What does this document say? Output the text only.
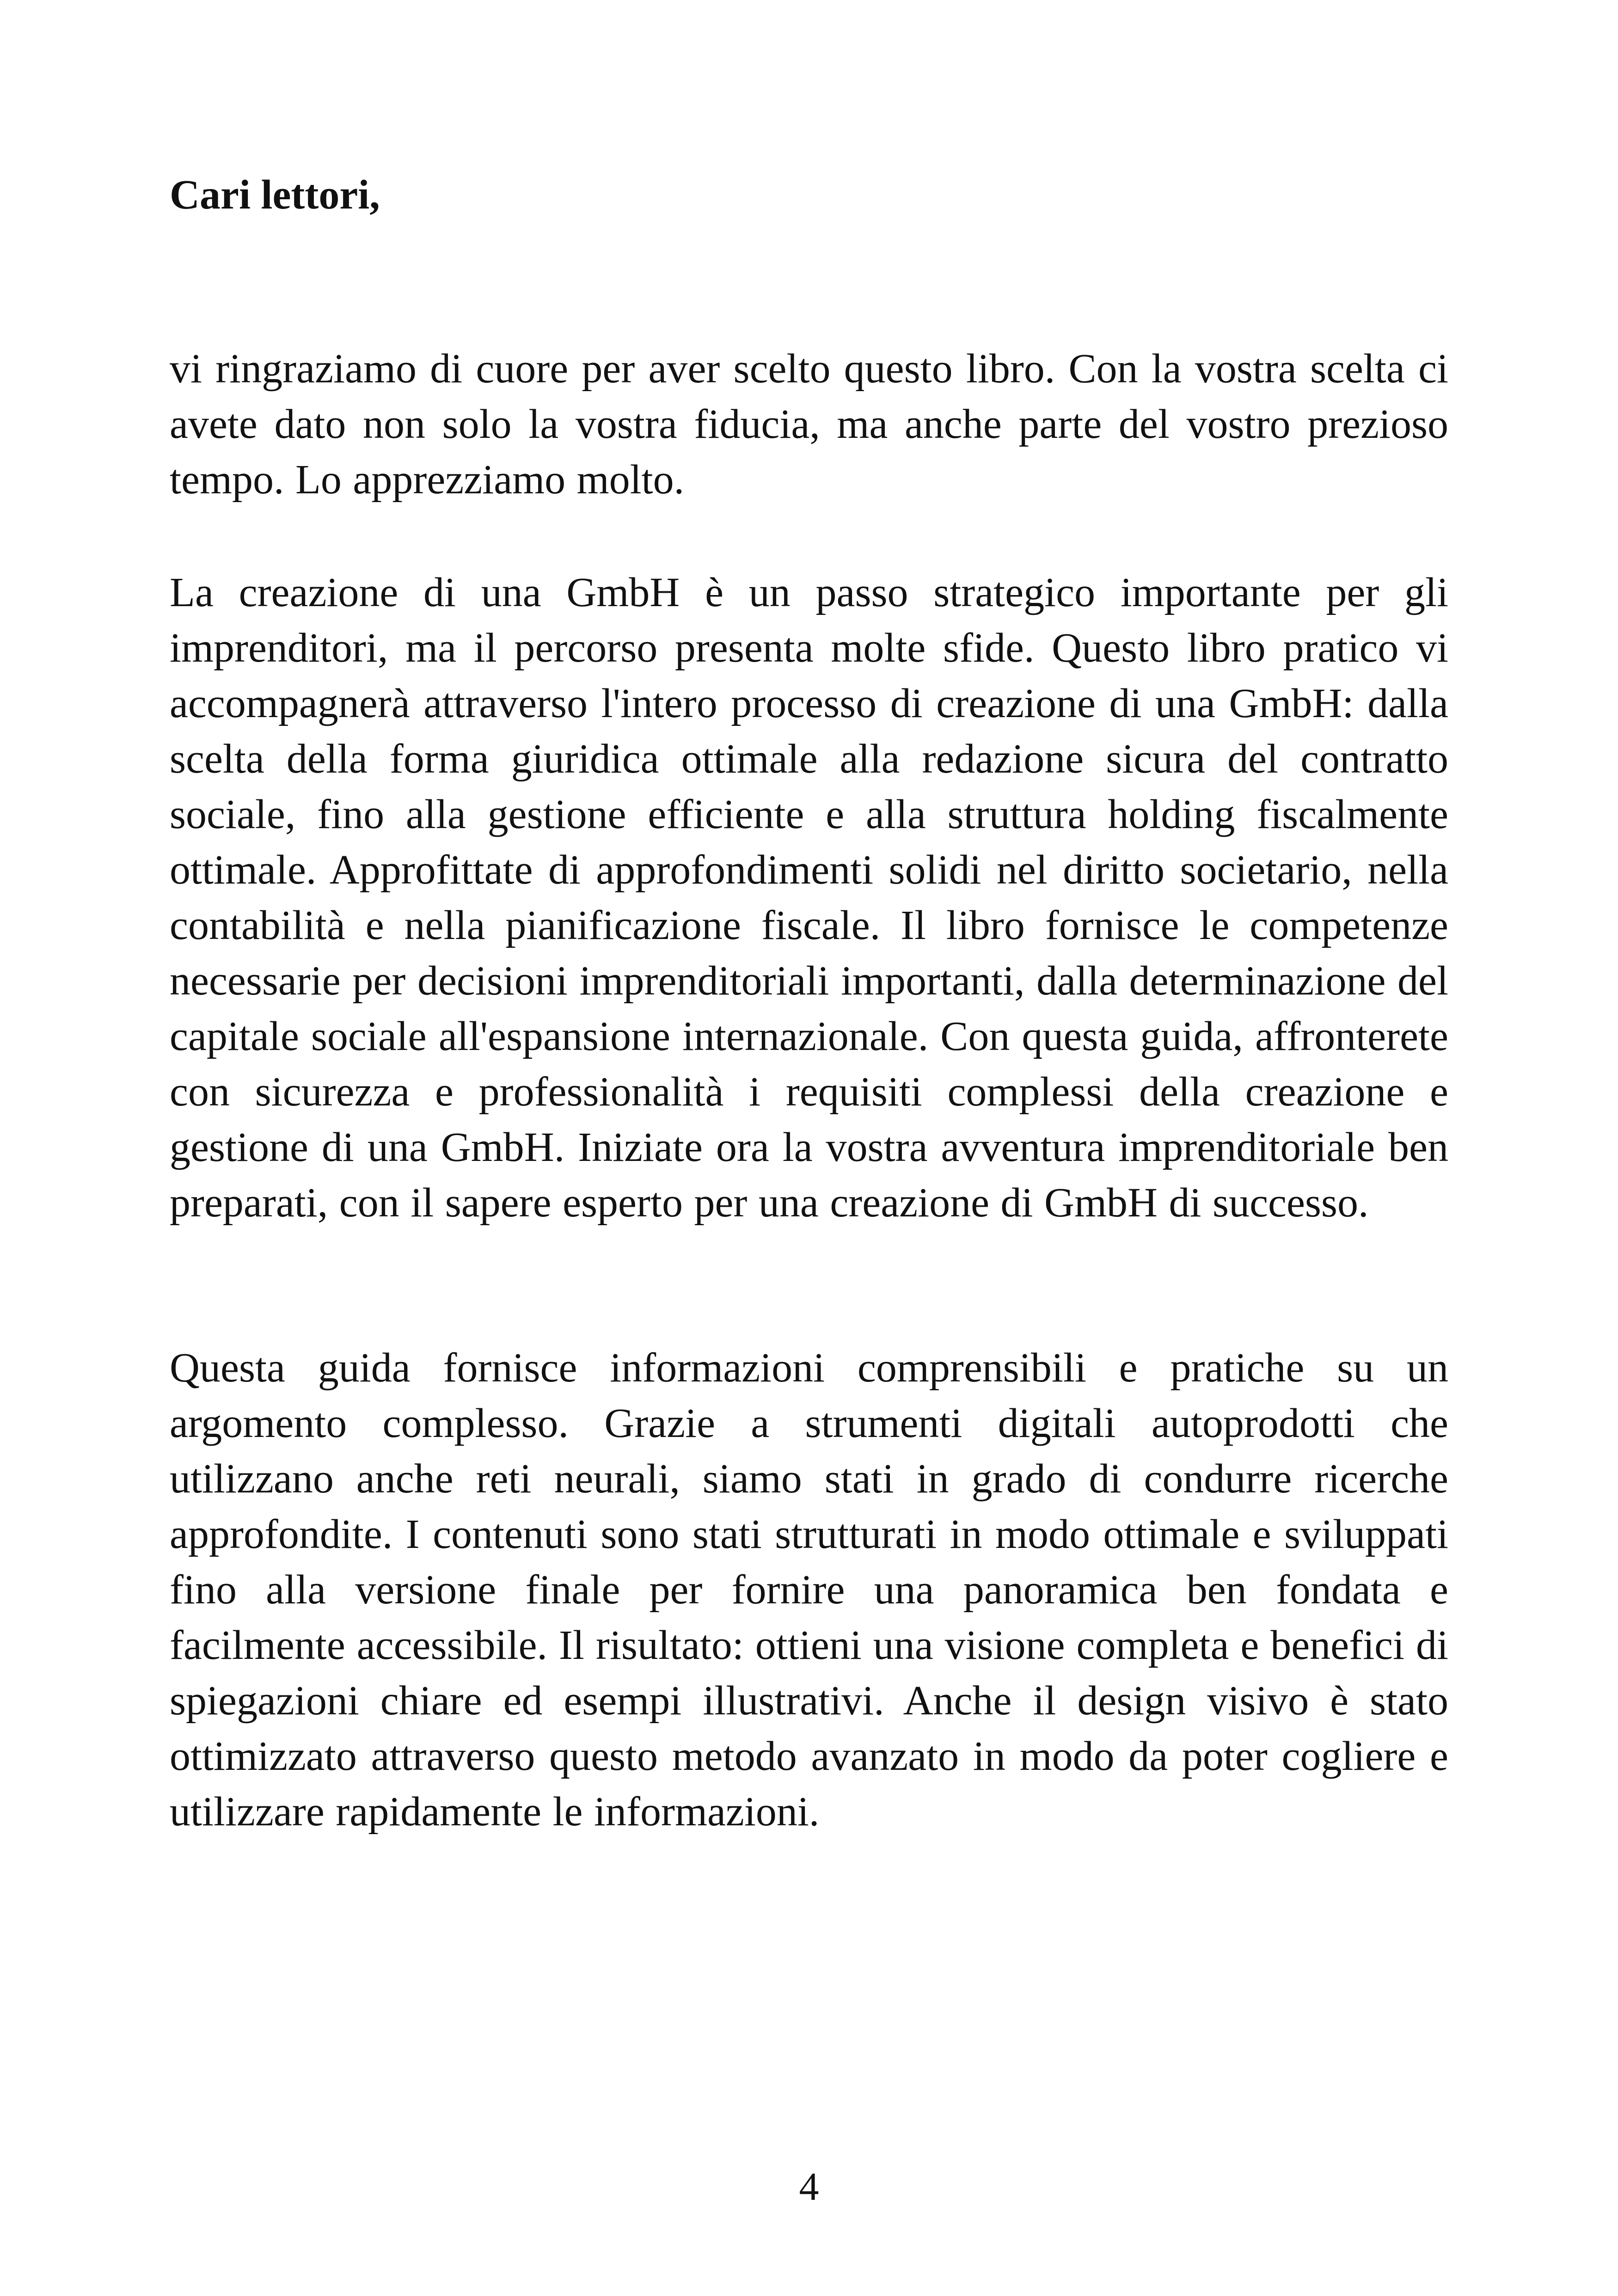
Cari lettori,

vi ringraziamo di cuore per aver scelto questo libro. Con la vostra scelta ci avete dato non solo la vostra fiducia, ma anche parte del vostro prezioso tempo. Lo apprezziamo molto.

La creazione di una GmbH è un passo strategico importante per gli imprenditori, ma il percorso presenta molte sfide. Questo libro pratico vi accompagnerà attraverso l'intero processo di creazione di una GmbH: dalla scelta della forma giuridica ottimale alla redazione sicura del contratto sociale, fino alla gestione efficiente e alla struttura holding fiscalmente ottimale. Approfittate di approfondimenti solidi nel diritto societario, nella contabilità e nella pianificazione fiscale. Il libro fornisce le competenze necessarie per decisioni imprenditoriali importanti, dalla determinazione del capitale sociale all'espansione internazionale. Con questa guida, affronterete con sicurezza e professionalità i requisiti complessi della creazione e gestione di una GmbH. Iniziate ora la vostra avventura imprenditoriale ben preparati, con il sapere esperto per una creazione di GmbH di successo.

Questa guida fornisce informazioni comprensibili e pratiche su un argomento complesso. Grazie a strumenti digitali autoprodotti che utilizzano anche reti neurali, siamo stati in grado di condurre ricerche approfondite. I contenuti sono stati strutturati in modo ottimale e sviluppati fino alla versione finale per fornire una panoramica ben fondata e facilmente accessibile. Il risultato: ottieni una visione completa e benefici di spiegazioni chiare ed esempi illustrativi. Anche il design visivo è stato ottimizzato attraverso questo metodo avanzato in modo da poter cogliere e utilizzare rapidamente le informazioni.

4
